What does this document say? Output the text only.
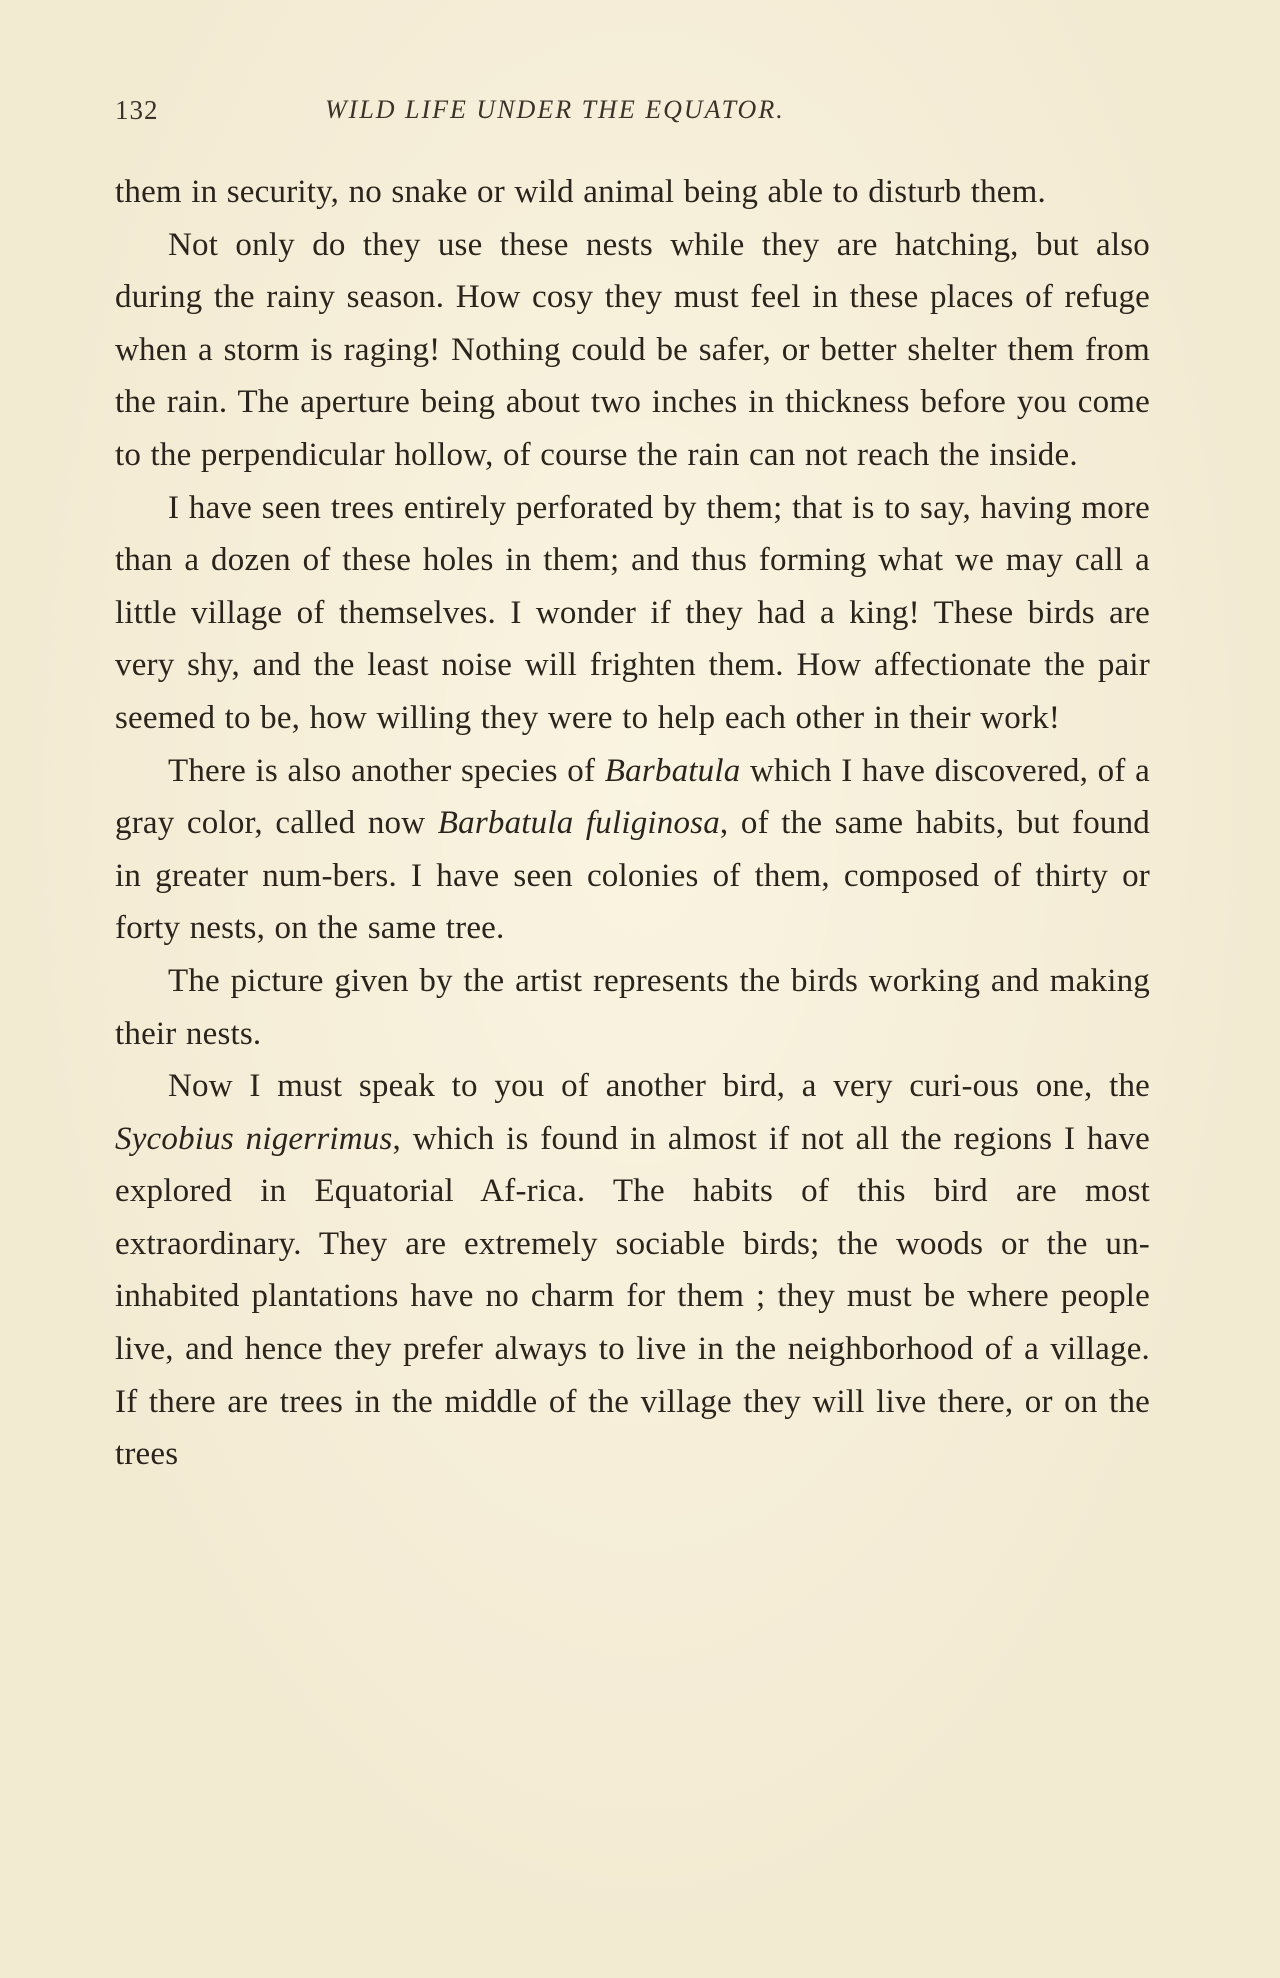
132	WILD LIFE UNDER THE EQUATOR.

them in security, no snake or wild animal being able to disturb them.

Not only do they use these nests while they are hatching, but also during the rainy season. How cosy they must feel in these places of refuge when a storm is raging! Nothing could be safer, or better shelter them from the rain. The aperture being about two inches in thickness before you come to the perpendicular hollow, of course the rain can not reach the inside.

I have seen trees entirely perforated by them; that is to say, having more than a dozen of these holes in them; and thus forming what we may call a little village of themselves. I wonder if they had a king! These birds are very shy, and the least noise will frighten them. How affectionate the pair seemed to be, how willing they were to help each other in their work!

There is also another species of Barbatula which I have discovered, of a gray color, called now Barbatula fuliginosa, of the same habits, but found in greater num-bers. I have seen colonies of them, composed of thirty or forty nests, on the same tree.

The picture given by the artist represents the birds working and making their nests.

Now I must speak to you of another bird, a very curi-ous one, the Sycobius nigerrimus, which is found in almost if not all the regions I have explored in Equatorial Af-rica. The habits of this bird are most extraordinary. They are extremely sociable birds; the woods or the un-inhabited plantations have no charm for them ; they must be where people live, and hence they prefer always to live in the neighborhood of a village. If there are trees in the middle of the village they will live there, or on the trees
